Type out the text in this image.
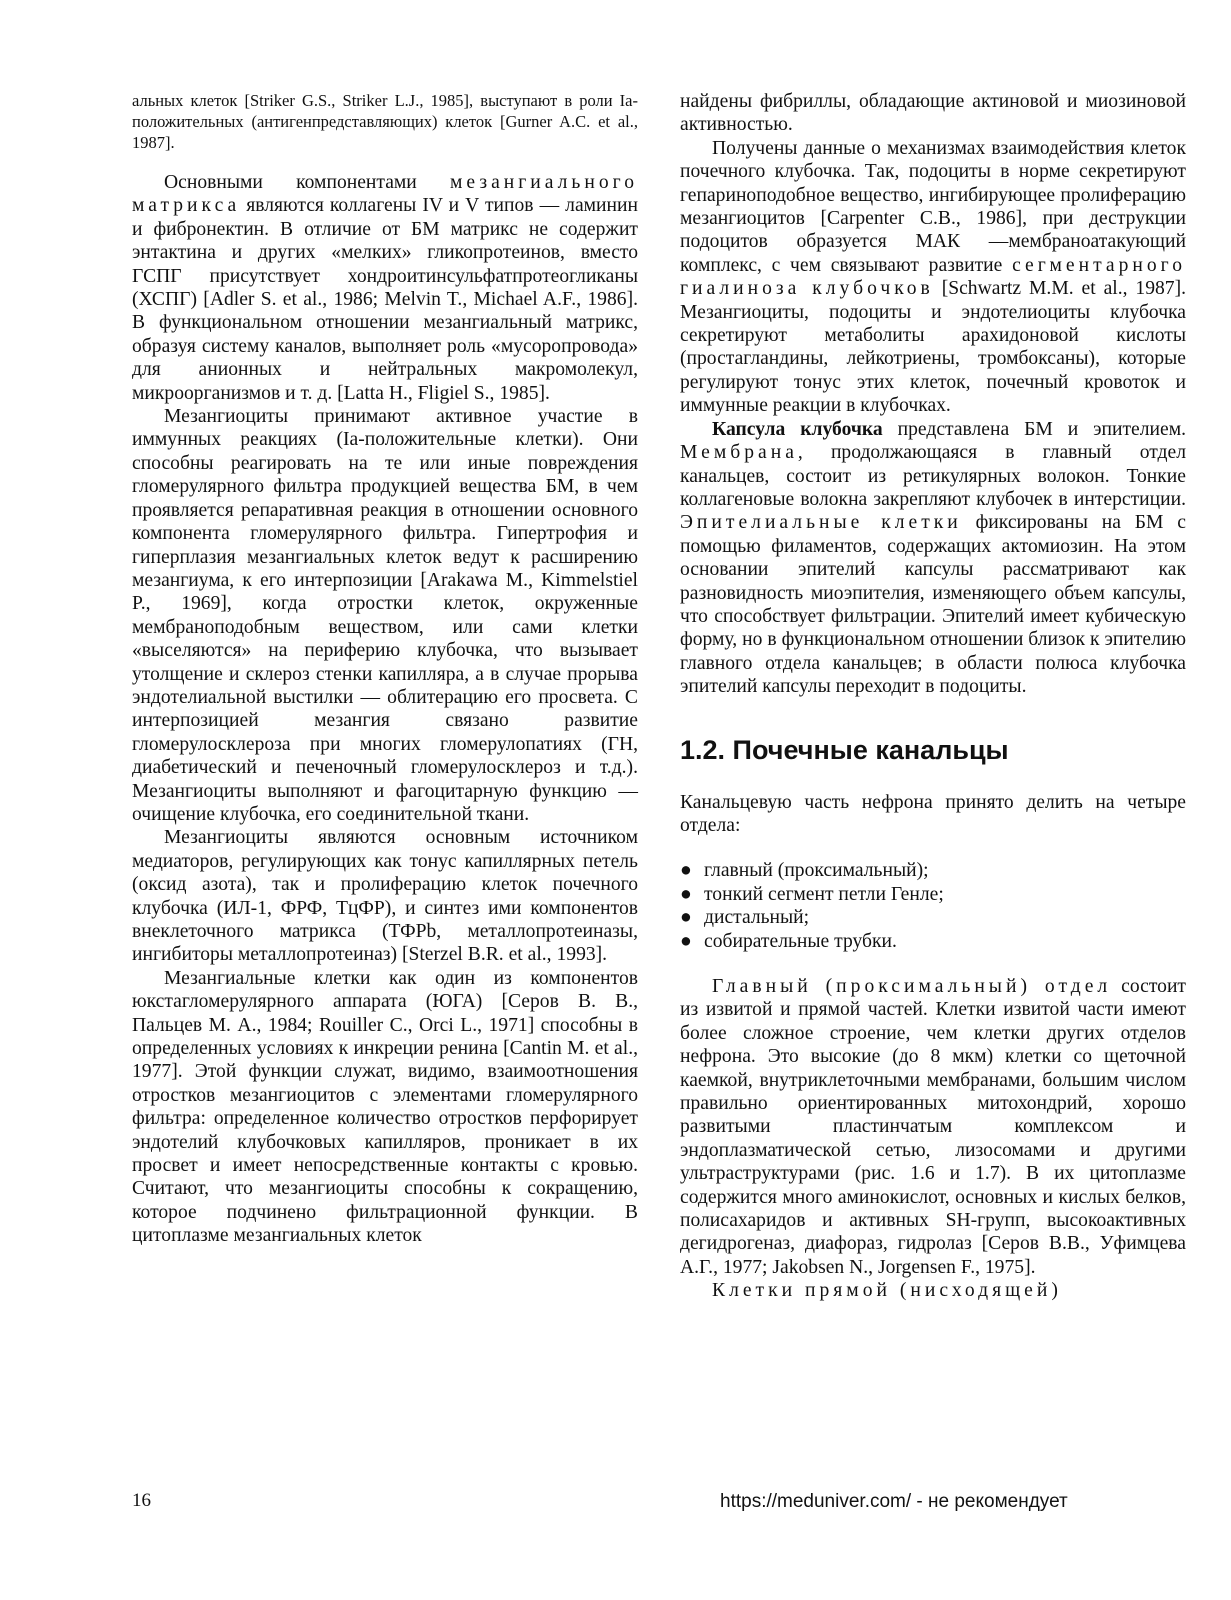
альных клеток [Striker G.S., Striker L.J., 1985], выступают в роли Ia-положительных (антигенпредставляющих) клеток [Gurner A.C. et al., 1987].

Основными компонентами мезангиального матрикса являются коллагены IV и V типов — ламинин и фибронектин. В отличие от БМ матрикс не содержит энтактина и других «мелких» гликопротеинов, вместо ГСПГ присутствует хондроитинсульфатпротеогликаны (ХСПГ) [Adler S. et al., 1986; Melvin T., Michael A.F., 1986]. В функциональном отношении мезангиальный матрикс, образуя систему каналов, выполняет роль «мусоропровода» для анионных и нейтральных макромолекул, микроорганизмов и т. д. [Latta H., Fligiel S., 1985].

Мезангиоциты принимают активное участие в иммунных реакциях (Ia-положительные клетки). Они способны реагировать на те или иные повреждения гломерулярного фильтра продукцией вещества БМ, в чем проявляется репаративная реакция в отношении основного компонента гломерулярного фильтра. Гипертрофия и гиперплазия мезангиальных клеток ведут к расширению мезангиума, к его интерпозиции [Arakawa M., Kimmelstiel P., 1969], когда отростки клеток, окруженные мембраноподобным веществом, или сами клетки «выселяются» на периферию клубочка, что вызывает утолщение и склероз стенки капилляра, а в случае прорыва эндотелиальной выстилки — облитерацию его просвета. С интерпозицией мезангия связано развитие гломерулосклероза при многих гломерулопатиях (ГН, диабетический и печеночный гломерулосклероз и т.д.). Мезангиоциты выполняют и фагоцитарную функцию — очищение клубочка, его соединительной ткани.

Мезангиоциты являются основным источником медиаторов, регулирующих как тонус капиллярных петель (оксид азота), так и пролиферацию клеток почечного клубочка (ИЛ-1, ФРФ, TцФР), и синтез ими компонентов внеклеточного матрикса (ТФРb, металлопротеиназы, ингибиторы металлопротеиназ) [Sterzel B.R. et al., 1993].

Мезангиальные клетки как один из компонентов юкстагломерулярного аппарата (ЮГА) [Серов В. В., Пальцев М. А., 1984; Rouiller C., Orci L., 1971] способны в определенных условиях к инкреции ренина [Cantin M. et al., 1977]. Этой функции служат, видимо, взаимоотношения отростков мезангиоцитов с элементами гломерулярного фильтра: определенное количество отростков перфорирует эндотелий клубочковых капилляров, проникает в их просвет и имеет непосредственные контакты с кровью. Считают, что мезангиоциты способны к сокращению, которое подчинено фильтрационной функции. В цитоплазме мезангиальных клеток

найдены фибриллы, обладающие актиновой и миозиновой активностью.

Получены данные о механизмах взаимодействия клеток почечного клубочка. Так, подоциты в норме секретируют гепариноподобное вещество, ингибирующее пролиферацию мезангиоцитов [Carpenter C.B., 1986], при деструкции подоцитов образуется МАК —мембраноатакующий комплекс, с чем связывают развитие сегментарного гиалиноза клубочков [Schwartz M.M. et al., 1987]. Мезангиоциты, подоциты и эндотелиоциты клубочка секретируют метаболиты арахидоновой кислоты (простагландины, лейкотриены, тромбоксаны), которые регулируют тонус этих клеток, почечный кровоток и иммунные реакции в клубочках.

Капсула клубочка представлена БМ и эпителием. Мембрана, продолжающаяся в главный отдел канальцев, состоит из ретикулярных волокон. Тонкие коллагеновые волокна закрепляют клубочек в интерстиции. Эпителиальные клетки фиксированы на БМ с помощью филаментов, содержащих актомиозин. На этом основании эпителий капсулы рассматривают как разновидность миоэпителия, изменяющего объем капсулы, что способствует фильтрации. Эпителий имеет кубическую форму, но в функциональном отношении близок к эпителию главного отдела канальцев; в области полюса клубочка эпителий капсулы переходит в подоциты.

1.2. Почечные канальцы

Канальцевую часть нефрона принято делить на четыре отдела:

● главный (проксимальный);
● тонкий сегмент петли Генле;
● дистальный;
● собирательные трубки.

Главный (проксимальный) отдел состоит из извитой и прямой частей. Клетки извитой части имеют более сложное строение, чем клетки других отделов нефрона. Это высокие (до 8 мкм) клетки со щеточной каемкой, внутриклеточными мембранами, большим числом правильно ориентированных митохондрий, хорошо развитыми пластинчатым комплексом и эндоплазматической сетью, лизосомами и другими ультраструктурами (рис. 1.6 и 1.7). В их цитоплазме содержится много аминокислот, основных и кислых белков, полисахаридов и активных SH-групп, высокоактивных дегидрогеназ, диафораз, гидролаз [Серов В.В., Уфимцева А.Г., 1977; Jakobsen N., Jorgensen F., 1975].

Клетки прямой (нисходящей)

16	https://meduniver.com/ - не рекомендует
